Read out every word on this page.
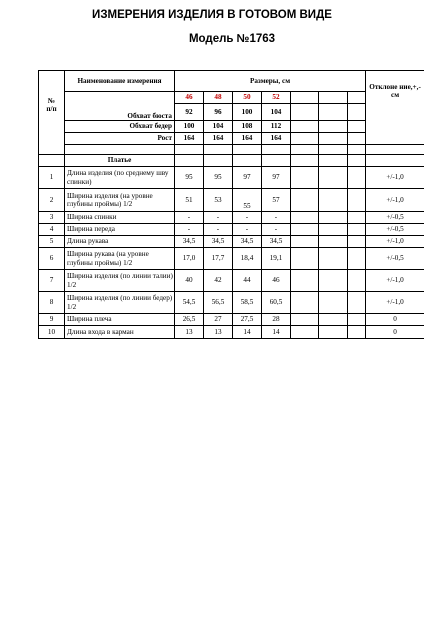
ИЗМЕРЕНИЯ ИЗДЕЛИЯ В ГОТОВОМ ВИДЕ
Модель №1763
№
п/п	Наименование измерения	Размеры, см							Отклоне ние,+,- см
	Обхват бюста	46	48	50	52				
		92	96	100	104				
	Обхват бедер	100	104	108	112				
	Рост	164	164	164	164				

	Платье								
1	Длина изделия (по среднему шву спинки)	95	95	97	97				+/-1,0
2	Ширина изделия (на уровне глубины проймы) 1/2	51	53	55	57				+/-1,0
3	Ширина спинки	-	-	-	-				+/-0,5
4	Ширина переда	-	-	-	-				+/-0,5
5	Длина рукава	34,5	34,5	34,5	34,5				+/-1,0
6	Ширина рукава (на уровне глубины проймы) 1/2	17,0	17,7	18,4	19,1				+/-0,5
7	Ширина изделия (по линии талии) 1/2	40	42	44	46				+/-1,0
8	Ширина изделия (по линии бедер) 1/2	54,5	56,5	58,5	60,5				+/-1,0
9	Ширина плеча	26,5	27	27,5	28				0
10	Длина входа в карман	13	13	14	14				0
